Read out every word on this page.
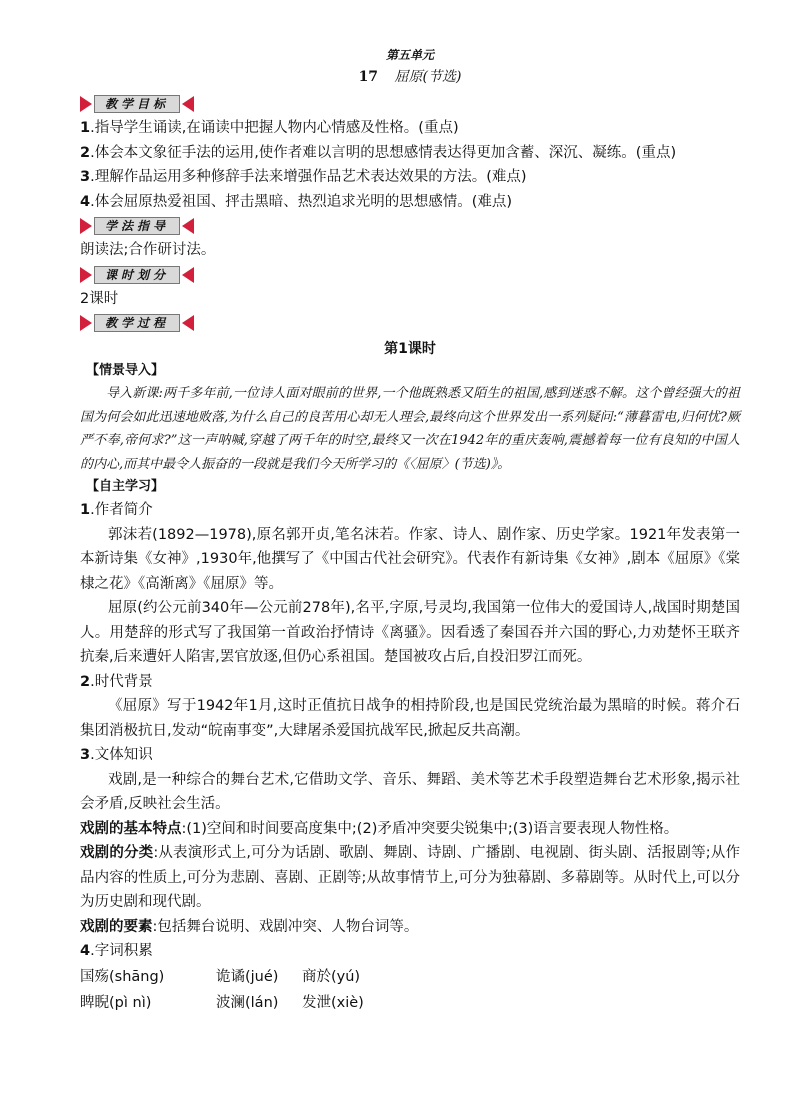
第五单元
17 屈原(节选)
教学目标
1.指导学生诵读,在诵读中把握人物内心情感及性格。(重点)
2.体会本文象征手法的运用,使作者难以言明的思想感情表达得更加含蓄、深沉、凝练。(重点)
3.理解作品运用多种修辞手法来增强作品艺术表达效果的方法。(难点)
4.体会屈原热爱祖国、抨击黑暗、热烈追求光明的思想感情。(难点)
学法指导
朗读法;合作研讨法。
课时划分
2课时
教学过程
第1课时
【情景导入】
导入新课:两千多年前,一位诗人面对眼前的世界,一个他既熟悉又陌生的祖国,感到迷惑不解。这个曾经强大的祖国为何会如此迅速地败落,为什么自己的良苦用心却无人理会,最终向这个世界发出一系列疑问:“薄暮雷电,归何忧?厥严不奉,帝何求?”这一声呐喊,穿越了两千年的时空,最终又一次在1942年的重庆轰响,震撼着每一位有良知的中国人的内心,而其中最令人振奋的一段就是我们今天所学习的《〈屈原〉(节选)》。
【自主学习】
1.作者简介
郭沫若(1892—1978),原名郭开贞,笔名沫若。作家、诗人、剧作家、历史学家。1921年发表第一本新诗集《女神》,1930年,他撰写了《中国古代社会研究》。代表作有新诗集《女神》,剧本《屈原》《棠棣之花》《高渐离》《屈原》等。
屈原(约公元前340年—公元前278年),名平,字原,号灵均,我国第一位伟大的爱国诗人,战国时期楚国人。用楚辞的形式写了我国第一首政治抒情诗《离骚》。因看透了秦国吞并六国的野心,力劝楚怀王联齐抗秦,后来遭奸人陷害,罢官放逐,但仍心系祖国。楚国被攻占后,自投汨罗江而死。
2.时代背景
《屈原》写于1942年1月,这时正值抗日战争的相持阶段,也是国民党统治最为黑暗的时候。蒋介石集团消极抗日,发动“皖南事变”,大肆屠杀爱国抗战军民,掀起反共高潮。
3.文体知识
戏剧,是一种综合的舞台艺术,它借助文学、音乐、舞蹈、美术等艺术手段塑造舞台艺术形象,揭示社会矛盾,反映社会生活。
戏剧的基本特点:(1)空间和时间要高度集中;(2)矛盾冲突要尖锐集中;(3)语言要表现人物性格。
戏剧的分类:从表演形式上,可分为话剧、歌剧、舞剧、诗剧、广播剧、电视剧、街头剧、活报剧等;从作品内容的性质上,可分为悲剧、喜剧、正剧等;从故事情节上,可分为独幕剧、多幕剧等。从时代上,可以分为历史剧和现代剧。
戏剧的要素:包括舞台说明、戏剧冲突、人物台词等。
4.字词积累
国殇(shāng)	诡谲(jué)	商於(yú)
睥睨(pì nì)	波澜(lán)	发泄(xiè)
